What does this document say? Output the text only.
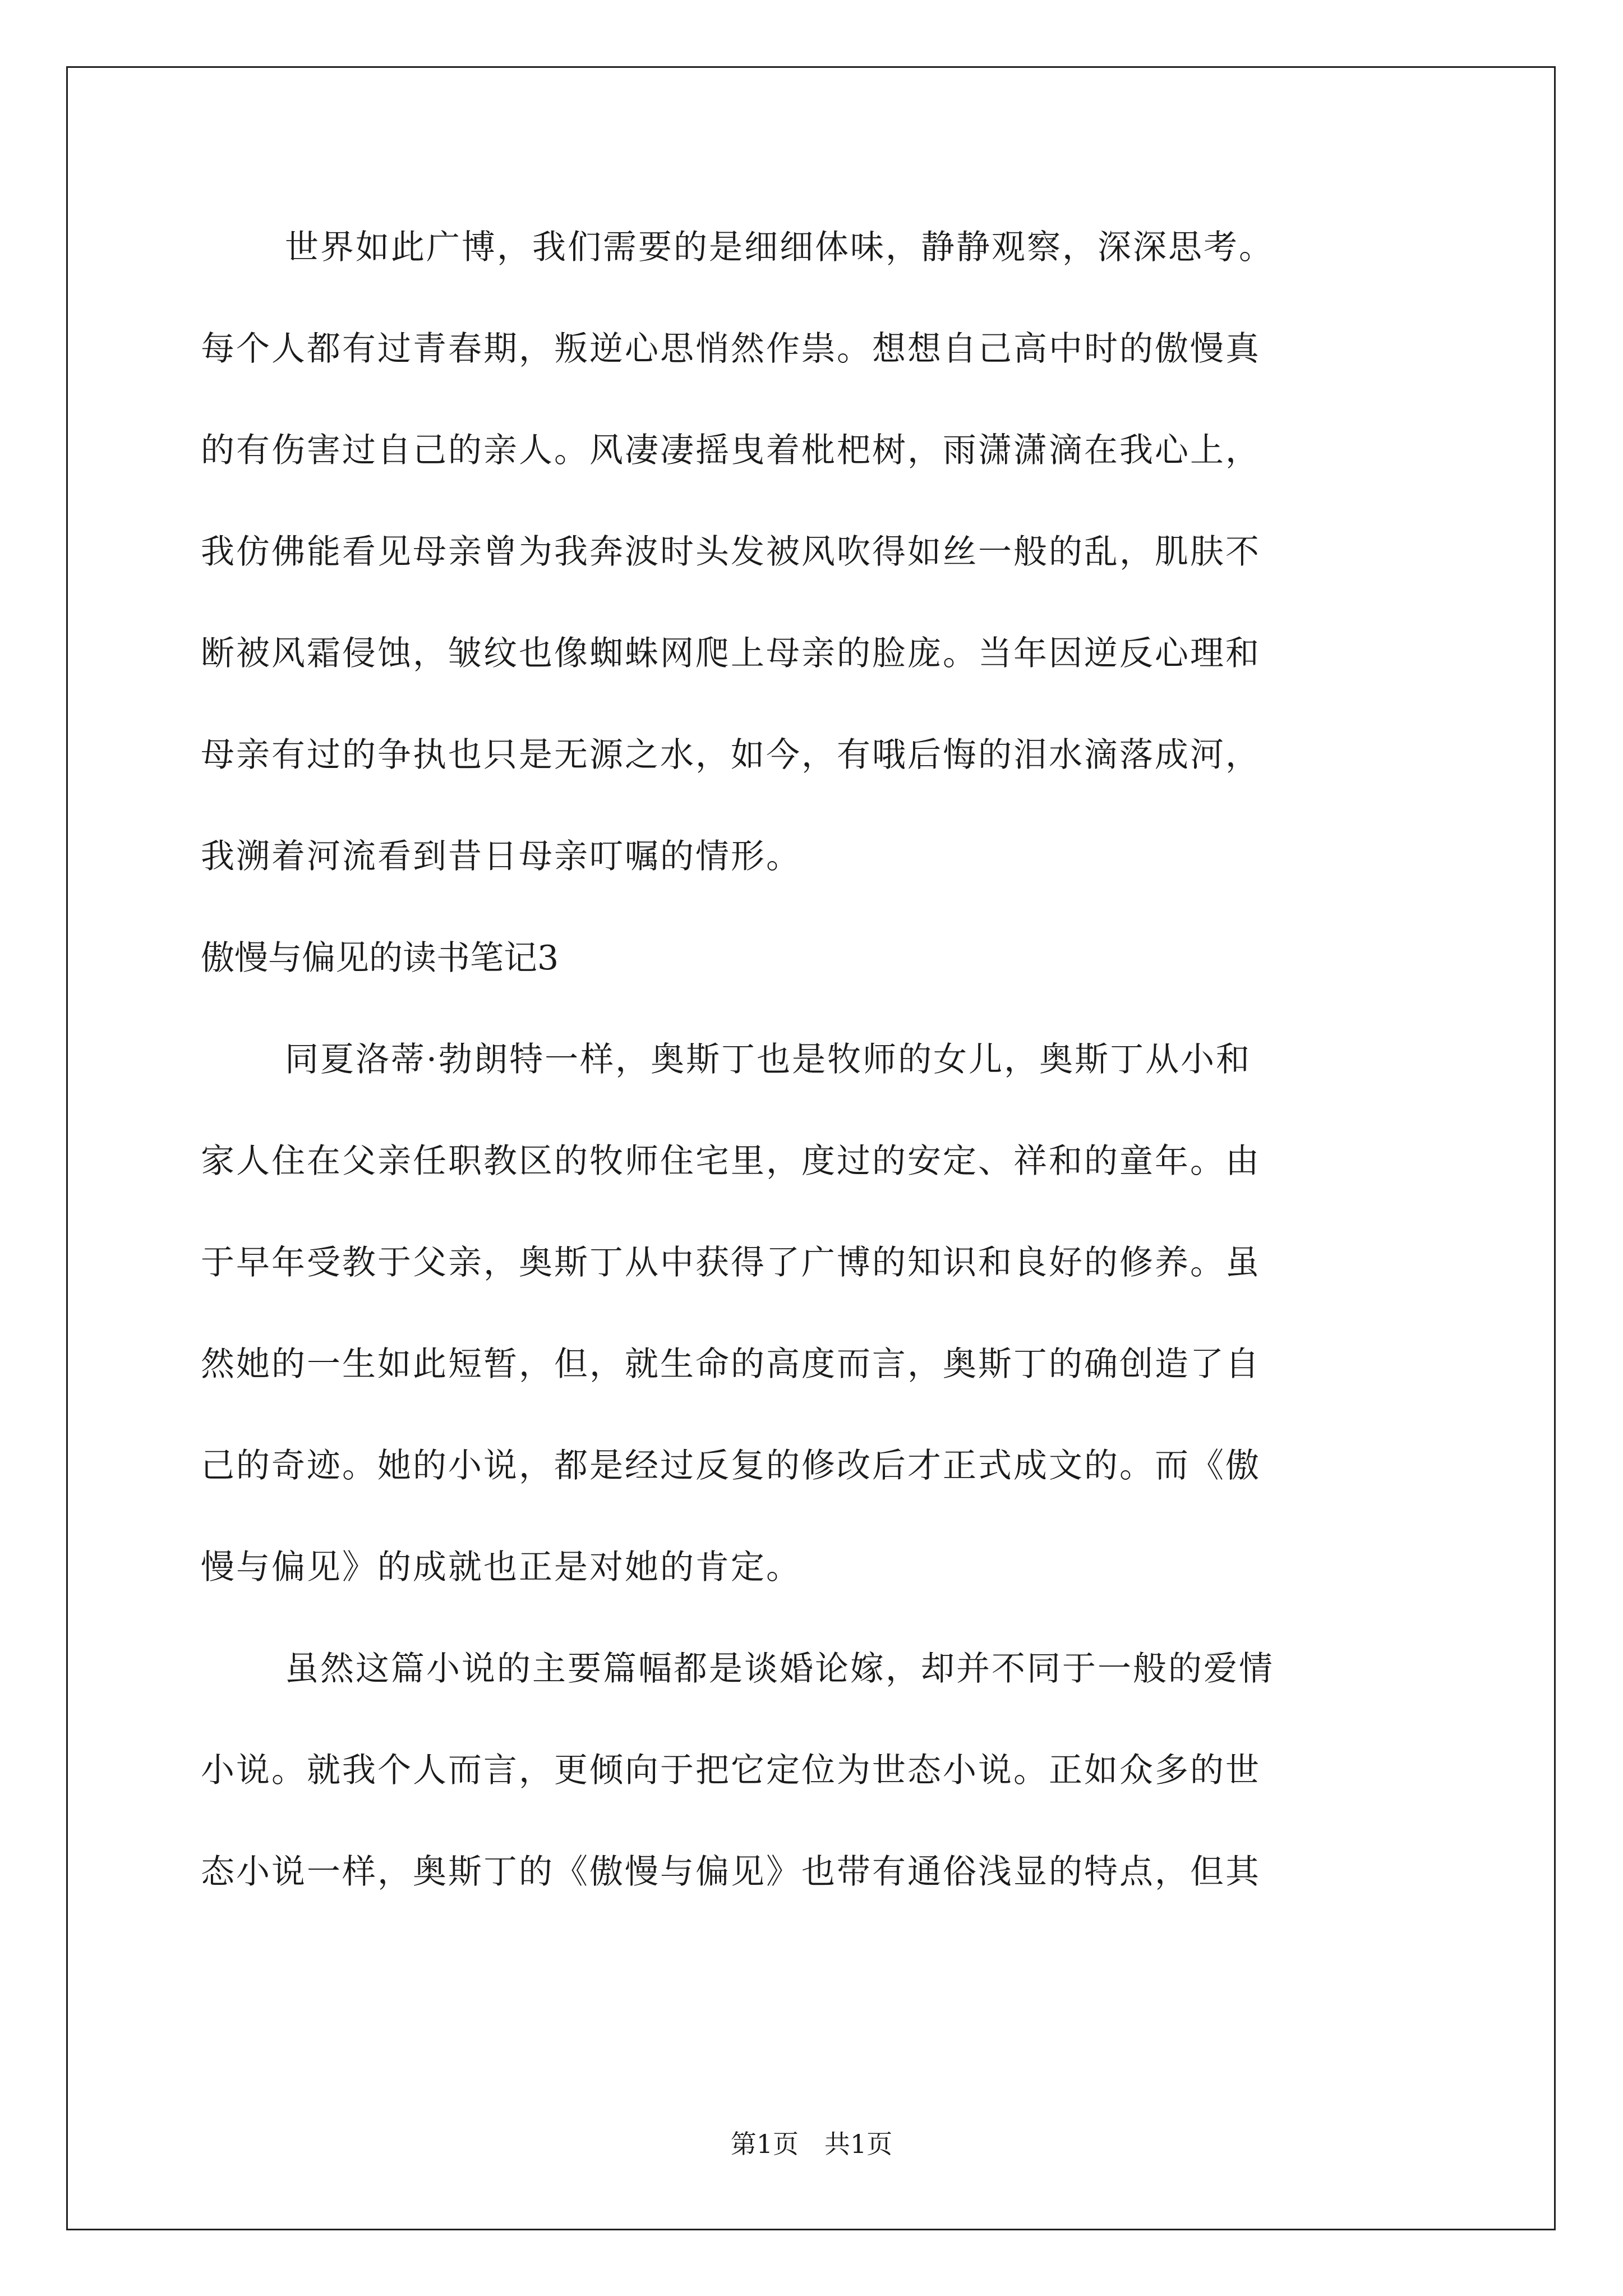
世界如此广博，我们需要的是细细体味，静静观察，深深思考。
每个人都有过青春期，叛逆心思悄然作祟。想想自己高中时的傲慢真
的有伤害过自己的亲人。风凄凄摇曳着枇杷树，雨潇潇滴在我心上，
我仿佛能看见母亲曾为我奔波时头发被风吹得如丝一般的乱，肌肤不
断被风霜侵蚀，皱纹也像蜘蛛网爬上母亲的脸庞。当年因逆反心理和
母亲有过的争执也只是无源之水，如今，有哦后悔的泪水滴落成河，
我溯着河流看到昔日母亲叮嘱的情形。
傲慢与偏见的读书笔记3
同夏洛蒂·勃朗特一样，奥斯丁也是牧师的女儿，奥斯丁从小和
家人住在父亲任职教区的牧师住宅里，度过的安定、祥和的童年。由
于早年受教于父亲，奥斯丁从中获得了广博的知识和良好的修养。虽
然她的一生如此短暂，但，就生命的高度而言，奥斯丁的确创造了自
己的奇迹。她的小说，都是经过反复的修改后才正式成文的。而《傲
慢与偏见》的成就也正是对她的肯定。
虽然这篇小说的主要篇幅都是谈婚论嫁，却并不同于一般的爱情
小说。就我个人而言，更倾向于把它定位为世态小说。正如众多的世
态小说一样，奥斯丁的《傲慢与偏见》也带有通俗浅显的特点，但其
第1页　共1页
